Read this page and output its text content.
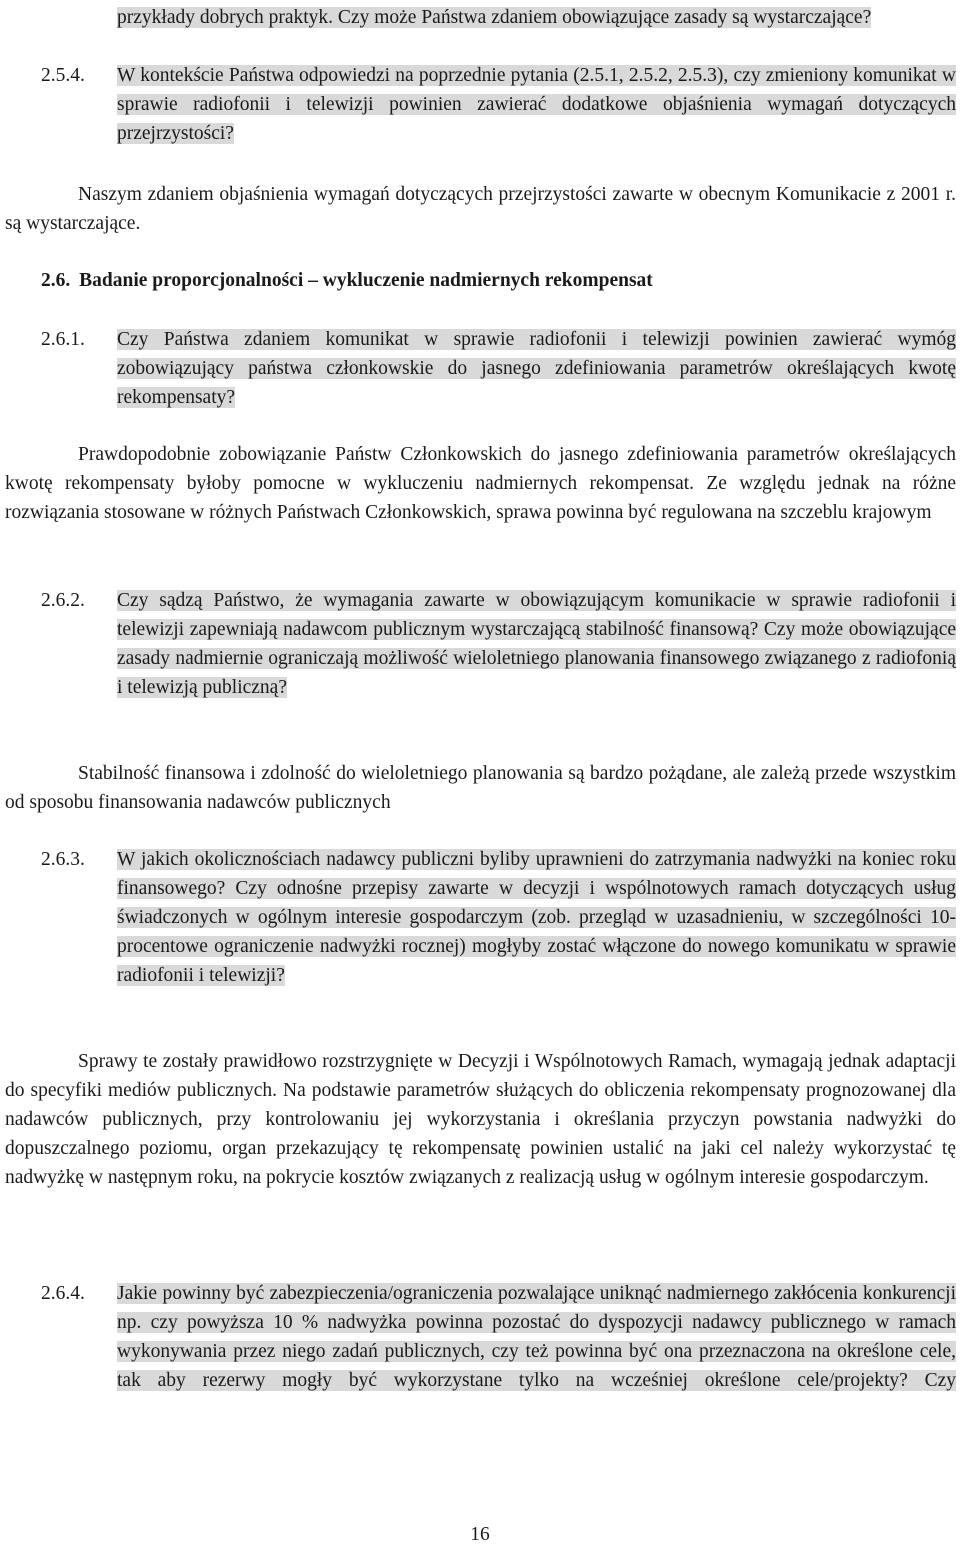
przykłady dobrych praktyk. Czy może Państwa zdaniem obowiązujące zasady są wystarczające?
2.5.4.	W kontekście Państwa odpowiedzi na poprzednie pytania (2.5.1, 2.5.2, 2.5.3), czy zmieniony komunikat w sprawie radiofonii i telewizji powinien zawierać dodatkowe objaśnienia wymagań dotyczących przejrzystości?
Naszym zdaniem objaśnienia wymagań dotyczących przejrzystości zawarte w obecnym Komunikacie z 2001 r. są wystarczające.
2.6. Badanie proporcjonalności – wykluczenie nadmiernych rekompensat
2.6.1.	Czy Państwa zdaniem komunikat w sprawie radiofonii i telewizji powinien zawierać wymóg zobowiązujący państwa członkowskie do jasnego zdefiniowania parametrów określających kwotę rekompensaty?
Prawdopodobnie zobowiązanie Państw Członkowskich do jasnego zdefiniowania parametrów określających kwotę rekompensaty byłoby pomocne w wykluczeniu nadmiernych rekompensat. Ze względu jednak na różne rozwiązania stosowane w różnych Państwach Członkowskich, sprawa powinna być regulowana na szczeblu krajowym
2.6.2.	Czy sądzą Państwo, że wymagania zawarte w obowiązującym komunikacie w sprawie radiofonii i telewizji zapewniają nadawcom publicznym wystarczającą stabilność finansową? Czy może obowiązujące zasady nadmiernie ograniczają możliwość wieloletniego planowania finansowego związanego z radiofonią i telewizją publiczną?
Stabilność finansowa i zdolność do wieloletniego planowania są bardzo pożądane, ale zależą przede wszystkim od sposobu finansowania nadawców publicznych
2.6.3.	W jakich okolicznościach nadawcy publiczni byliby uprawnieni do zatrzymania nadwyżki na koniec roku finansowego? Czy odnośne przepisy zawarte w decyzji i wspólnotowych ramach dotyczących usług świadczonych w ogólnym interesie gospodarczym (zob. przegląd w uzasadnieniu, w szczególności 10-procentowe ograniczenie nadwyżki rocznej) mogłyby zostać włączone do nowego komunikatu w sprawie radiofonii i telewizji?
Sprawy te zostały prawidłowo rozstrzygnięte w Decyzji i Wspólnotowych Ramach, wymagają jednak adaptacji do specyfiki mediów publicznych. Na podstawie parametrów służących do obliczenia rekompensaty prognozowanej dla nadawców publicznych, przy kontrolowaniu jej wykorzystania i określania przyczyn powstania nadwyżki do dopuszczalnego poziomu, organ przekazujący tę rekompensatę powinien ustalić na jaki cel należy wykorzystać tę nadwyżkę w następnym roku, na pokrycie kosztów związanych z realizacją usług w ogólnym interesie gospodarczym.
2.6.4.	Jakie powinny być zabezpieczenia/ograniczenia pozwalające uniknąć nadmiernego zakłócenia konkurencji np. czy powyższa 10 % nadwyżka powinna pozostać do dyspozycji nadawcy publicznego w ramach wykonywania przez niego zadań publicznych, czy też powinna być ona przeznaczona na określone cele, tak aby rezerwy mogły być wykorzystane tylko na wcześniej określone cele/projekty? Czy
16
